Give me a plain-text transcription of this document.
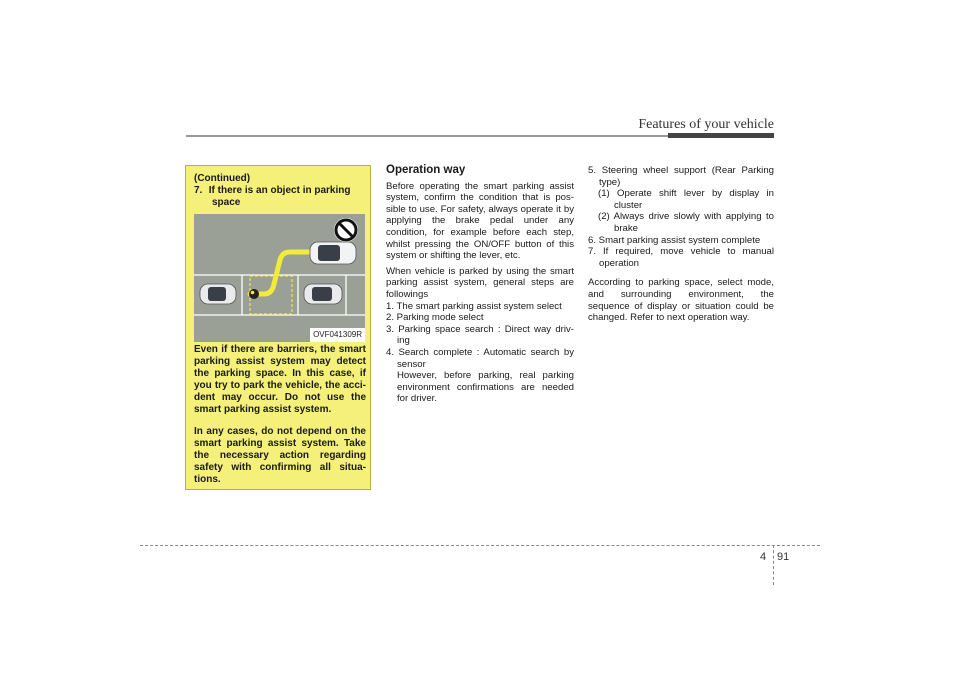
Features of your vehicle
(Continued)
7. If there is an object in parking
space
OVF041309R
Even if there are barriers, the smart parking assist system may detect the parking space. In this case, if you try to park the vehicle, the acci- dent may occur. Do not use the smart parking assist system.
In any cases, do not depend on the smart parking assist system. Take the necessary action regarding safety with confirming all situa- tions.
Operation way

Before operating the smart parking assist system, confirm the condition that is pos- sible to use. For safety, always operate it by applying the brake pedal under any condition, for example before each step, whilst pressing the ON/OFF button of this system or shifting the lever, etc.

When vehicle is parked by using the smart parking assist system, general steps are followings

1. The smart parking assist system select
2. Parking mode select
3. Parking space search : Direct way driv- ing
4. Search complete : Automatic search by sensor
However, before parking, real parking environment confirmations are needed for driver.
5. Steering wheel support (Rear Parking type)
(1) Operate shift lever by display in cluster
(2) Always drive slowly with applying to brake
6. Smart parking assist system complete
7. If required, move vehicle to manual operation

According to parking space, select mode, and surrounding environment, the sequence of display or situation could be changed. Refer to next operation way.

4 91
